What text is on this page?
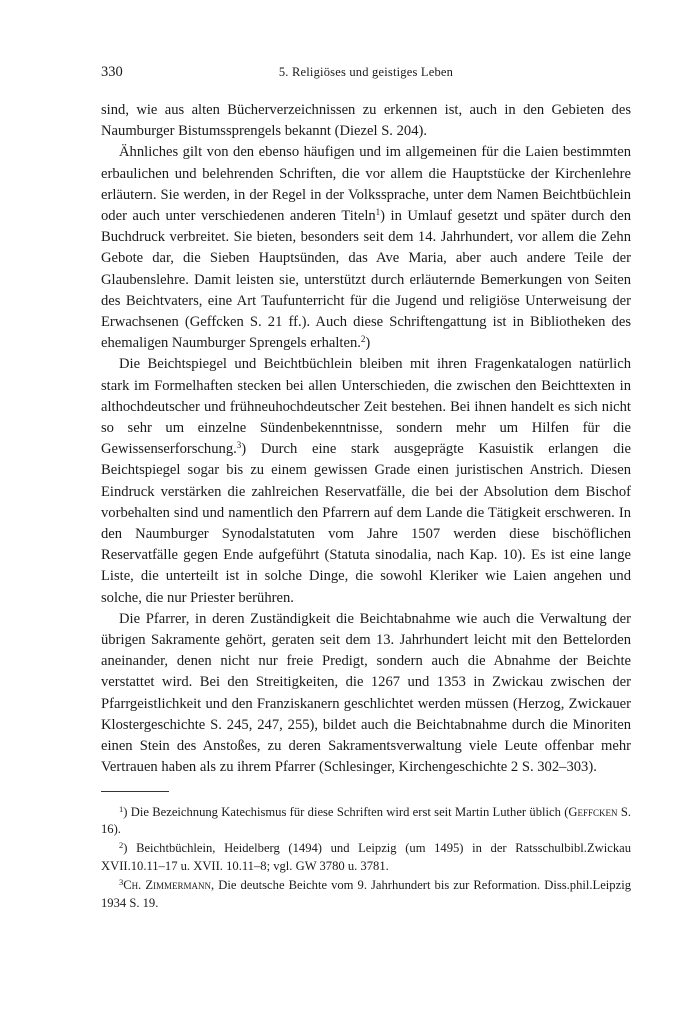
330	5. Religiöses und geistiges Leben

sind, wie aus alten Bücherverzeichnissen zu erkennen ist, auch in den Gebieten des Naumburger Bistumssprengels bekannt (Diezel S. 204).

Ähnliches gilt von den ebenso häufigen und im allgemeinen für die Laien bestimmten erbaulichen und belehrenden Schriften, die vor allem die Hauptstücke der Kirchenlehre erläutern. Sie werden, in der Regel in der Volkssprache, unter dem Namen Beichtbüchlein oder auch unter verschiedenen anderen Titeln$^1$) in Umlauf gesetzt und später durch den Buchdruck verbreitet. Sie bieten, besonders seit dem 14. Jahrhundert, vor allem die Zehn Gebote dar, die Sieben Hauptsünden, das Ave Maria, aber auch andere Teile der Glaubenslehre. Damit leisten sie, unterstützt durch erläuternde Bemerkungen von Seiten des Beichtvaters, eine Art Taufunterricht für die Jugend und religiöse Unterweisung der Erwachsenen (Geffcken S. 21 ff.). Auch diese Schriftengattung ist in Bibliotheken des ehemaligen Naumburger Sprengels erhalten.$^2$)

Die Beichtspiegel und Beichtbüchlein bleiben mit ihren Fragenkatalogen natürlich stark im Formelhaften stecken bei allen Unterschieden, die zwischen den Beichttexten in althochdeutscher und frühneuhochdeutscher Zeit bestehen. Bei ihnen handelt es sich nicht so sehr um einzelne Sündenbekenntnisse, sondern mehr um Hilfen für die Gewissenserforschung.$^3$) Durch eine stark ausgeprägte Kasuistik erlangen die Beichtspiegel sogar bis zu einem gewissen Grade einen juristischen Anstrich. Diesen Eindruck verstärken die zahlreichen Reservatfälle, die bei der Absolution dem Bischof vorbehalten sind und namentlich den Pfarrern auf dem Lande die Tätigkeit erschweren. In den Naumburger Synodalstatuten vom Jahre 1507 werden diese bischöflichen Reservatfälle gegen Ende aufgeführt (Statuta sinodalia, nach Kap. 10). Es ist eine lange Liste, die unterteilt ist in solche Dinge, die sowohl Kleriker wie Laien angehen und solche, die nur Priester berühren.

Die Pfarrer, in deren Zuständigkeit die Beichtabnahme wie auch die Verwaltung der übrigen Sakramente gehört, geraten seit dem 13. Jahrhundert leicht mit den Bettelorden aneinander, denen nicht nur freie Predigt, sondern auch die Abnahme der Beichte verstattet wird. Bei den Streitigkeiten, die 1267 und 1353 in Zwickau zwischen der Pfarrgeistlichkeit und den Franziskanern geschlichtet werden müssen (Herzog, Zwickauer Klostergeschichte S. 245, 247, 255), bildet auch die Beichtabnahme durch die Minoriten einen Stein des Anstoßes, zu deren Sakramentsverwaltung viele Leute offenbar mehr Vertrauen haben als zu ihrem Pfarrer (Schlesinger, Kirchengeschichte 2 S. 302–303).

$^1$) Die Bezeichnung Katechismus für diese Schriften wird erst seit Martin Luther üblich (Geffcken S. 16).

$^2$) Beichtbüchlein, Heidelberg (1494) und Leipzig (um 1495) in der Ratsschulbibl.Zwickau XVII.10.11–17 u. XVII. 10.11–8; vgl. GW 3780 u. 3781.

$^3$Ch. Zimmermann, Die deutsche Beichte vom 9. Jahrhundert bis zur Reformation. Diss.phil.Leipzig 1934 S. 19.
